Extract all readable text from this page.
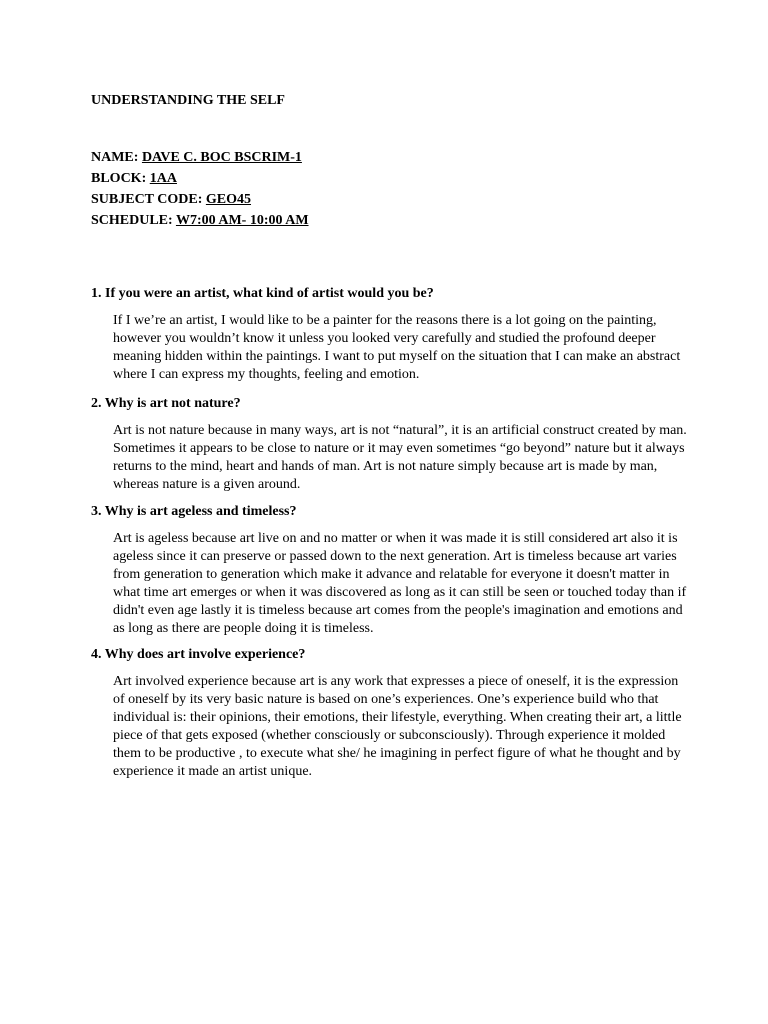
UNDERSTANDING THE SELF
NAME: DAVE C. BOC BSCRIM-1
BLOCK: 1AA
SUBJECT CODE: GEO45
SCHEDULE: W7:00 AM- 10:00 AM

1. If you were an artist, what kind of artist would you be?

If I we’re an artist, I would like to be a painter for the reasons there is a lot going on the painting, however you wouldn’t know it unless you looked very carefully and studied the profound deeper meaning hidden within the paintings. I want to put myself on the situation that I can make an abstract where I can express my thoughts, feeling and emotion.

2. Why is art not nature?

Art is not nature because in many ways, art is not “natural”, it is an artificial construct created by man. Sometimes it appears to be close to nature or it may even sometimes “go beyond” nature but it always returns to the mind, heart and hands of man. Art is not nature simply because art is made by man, whereas nature is a given around.

3. Why is art ageless and timeless?

Art is ageless because art live on and no matter or when it was made it is still considered art also it is ageless since it can preserve or passed down to the next generation. Art is timeless because art varies from generation to generation which make it advance and relatable for everyone it doesn't matter in what time art emerges or when it was discovered as long as it can still be seen or touched today than if didn't even age lastly it is timeless because art comes from the people's imagination and emotions and as long as there are people doing it is timeless.

4. Why does art involve experience?

Art involved experience because art is any work that expresses a piece of oneself, it is the expression of oneself by its very basic nature is based on one’s experiences. One’s experience build who that individual is: their opinions, their emotions, their lifestyle, everything. When creating their art, a little piece of that gets exposed (whether consciously or subconsciously). Through experience it molded them to be productive , to execute what she/ he imagining in perfect figure of what he thought and by experience it made an artist unique.
